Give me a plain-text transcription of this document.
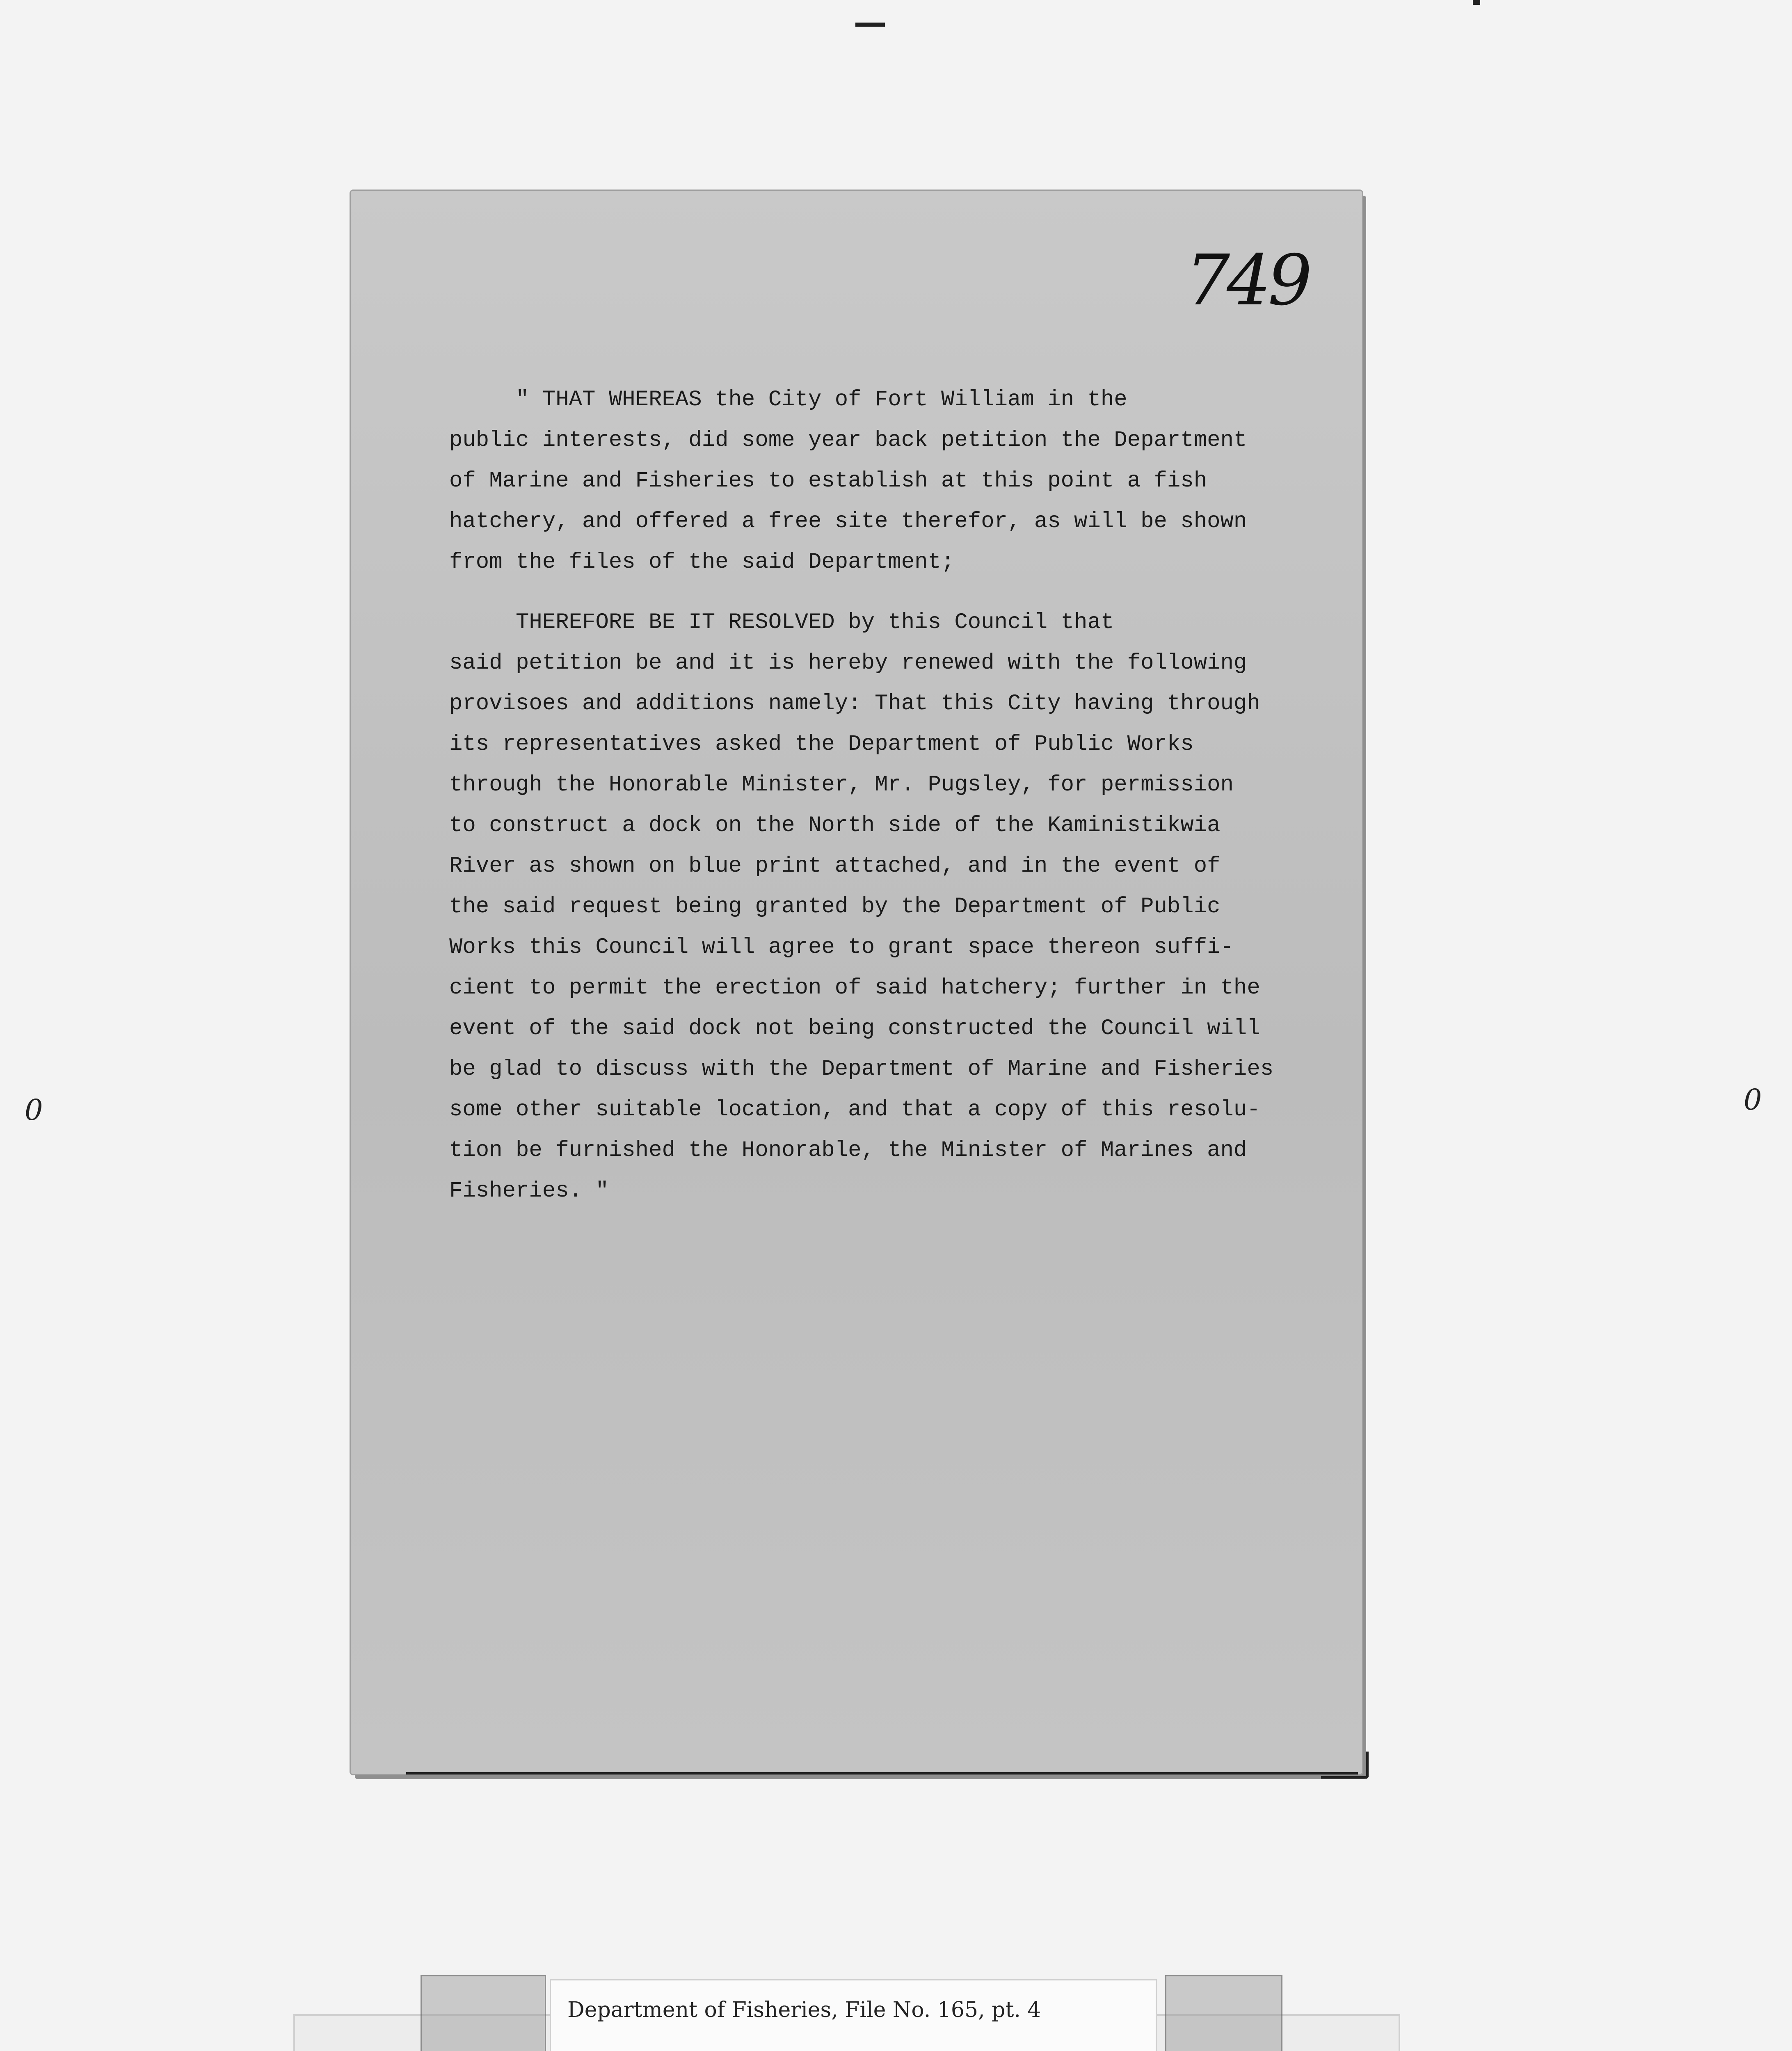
749
" THAT WHEREAS the City of Fort William in the
public interests, did some year back petition the Department
of Marine and Fisheries to establish at this point a fish
hatchery, and offered a free site therefor, as will be shown
from the files of the said Department;
THEREFORE BE IT RESOLVED by this Council that
said petition be and it is hereby renewed with the following
provisoes and additions namely: That this City having through
its representatives asked the Department of Public Works
through the Honorable Minister, Mr. Pugsley, for permission
to construct a dock on the North side of the Kaministikwia
River as shown on blue print attached, and in the event of
the said request being granted by the Department of Public
Works this Council will agree to grant space thereon suffi-
cient to permit the erection of said hatchery; further in the
event of the said dock not being constructed the Council will
be glad to discuss with the Department of Marine and Fisheries
some other suitable location, and that a copy of this resolu-
tion be furnished the Honorable, the Minister of Marines and
Fisheries. "
0	0
Department of Fisheries, File No. 165, pt. 4
